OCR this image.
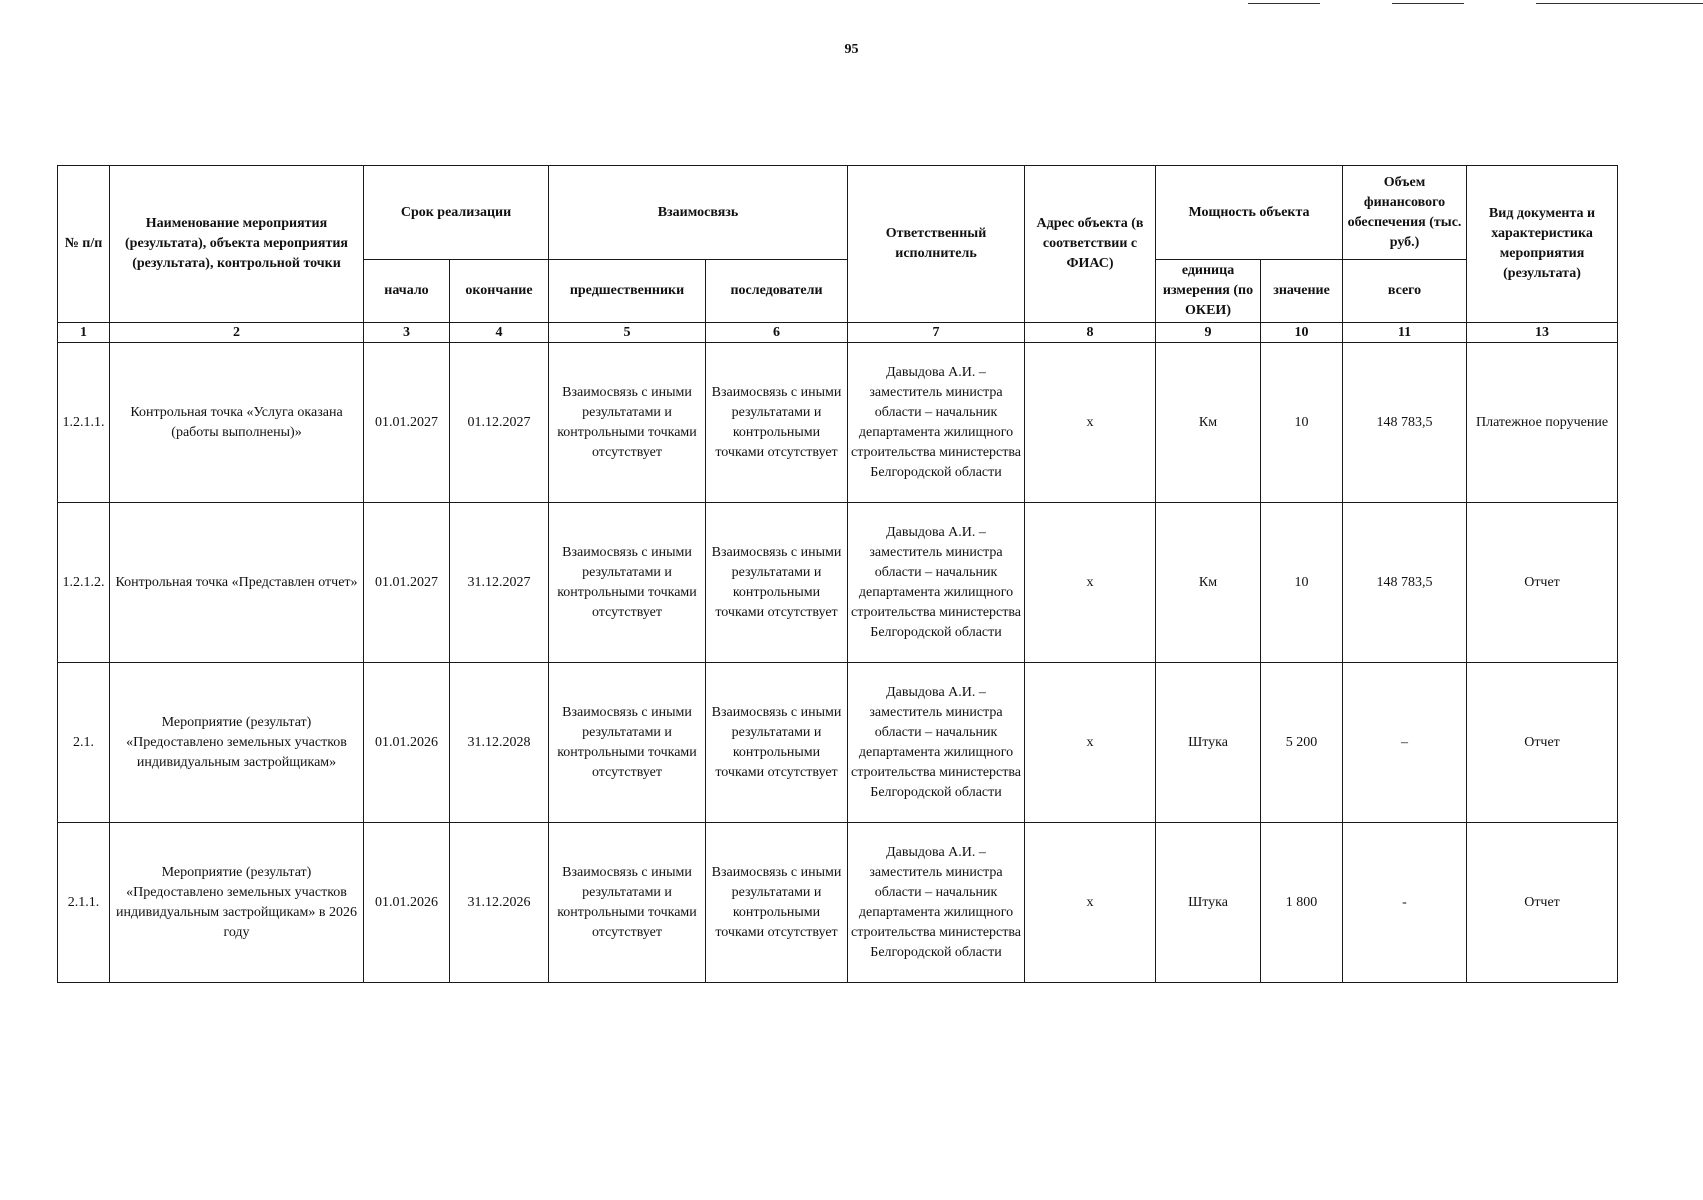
95
№ п/п	Наименование мероприятия (результата), объекта мероприятия (результата), контрольной точки	Срок реализации		Взаимосвязь		Ответственный исполнитель	Адрес объекта (в соответствии с ФИАС)	Мощность объекта		Объем финансового обеспечения (тыс. руб.)	Вид документа и характеристика мероприятия (результата)
		начало	окончание	предшественники	последователи			единица измерения (по ОКЕИ)	значение	всего	
1	2	3	4	5	6	7	8	9	10	11	13
1.2.1.1.	Контрольная точка «Услуга оказана (работы выполнены)»	01.01.2027	01.12.2027	Взаимосвязь с иными результатами и контрольными точками отсутствует	Взаимосвязь с иными результатами и контрольными точками отсутствует	Давыдова А.И. – заместитель министра области – начальник департамента жилищного строительства министерства Белгородской области	х	Км	10	148 783,5	Платежное поручение
1.2.1.2.	Контрольная точка «Представлен отчет»	01.01.2027	31.12.2027	Взаимосвязь с иными результатами и контрольными точками отсутствует	Взаимосвязь с иными результатами и контрольными точками отсутствует	Давыдова А.И. – заместитель министра области – начальник департамента жилищного строительства министерства Белгородской области	х	Км	10	148 783,5	Отчет
2.1.	Мероприятие (результат) «Предоставлено земельных участков индивидуальным застройщикам»	01.01.2026	31.12.2028	Взаимосвязь с иными результатами и контрольными точками отсутствует	Взаимосвязь с иными результатами и контрольными точками отсутствует	Давыдова А.И. – заместитель министра области – начальник департамента жилищного строительства министерства Белгородской области	х	Штука	5 200	–	Отчет
2.1.1.	Мероприятие (результат) «Предоставлено земельных участков индивидуальным застройщикам» в 2026 году	01.01.2026	31.12.2026	Взаимосвязь с иными результатами и контрольными точками отсутствует	Взаимосвязь с иными результатами и контрольными точками отсутствует	Давыдова А.И. – заместитель министра области – начальник департамента жилищного строительства министерства Белгородской области	х	Штука	1 800	-	Отчет
